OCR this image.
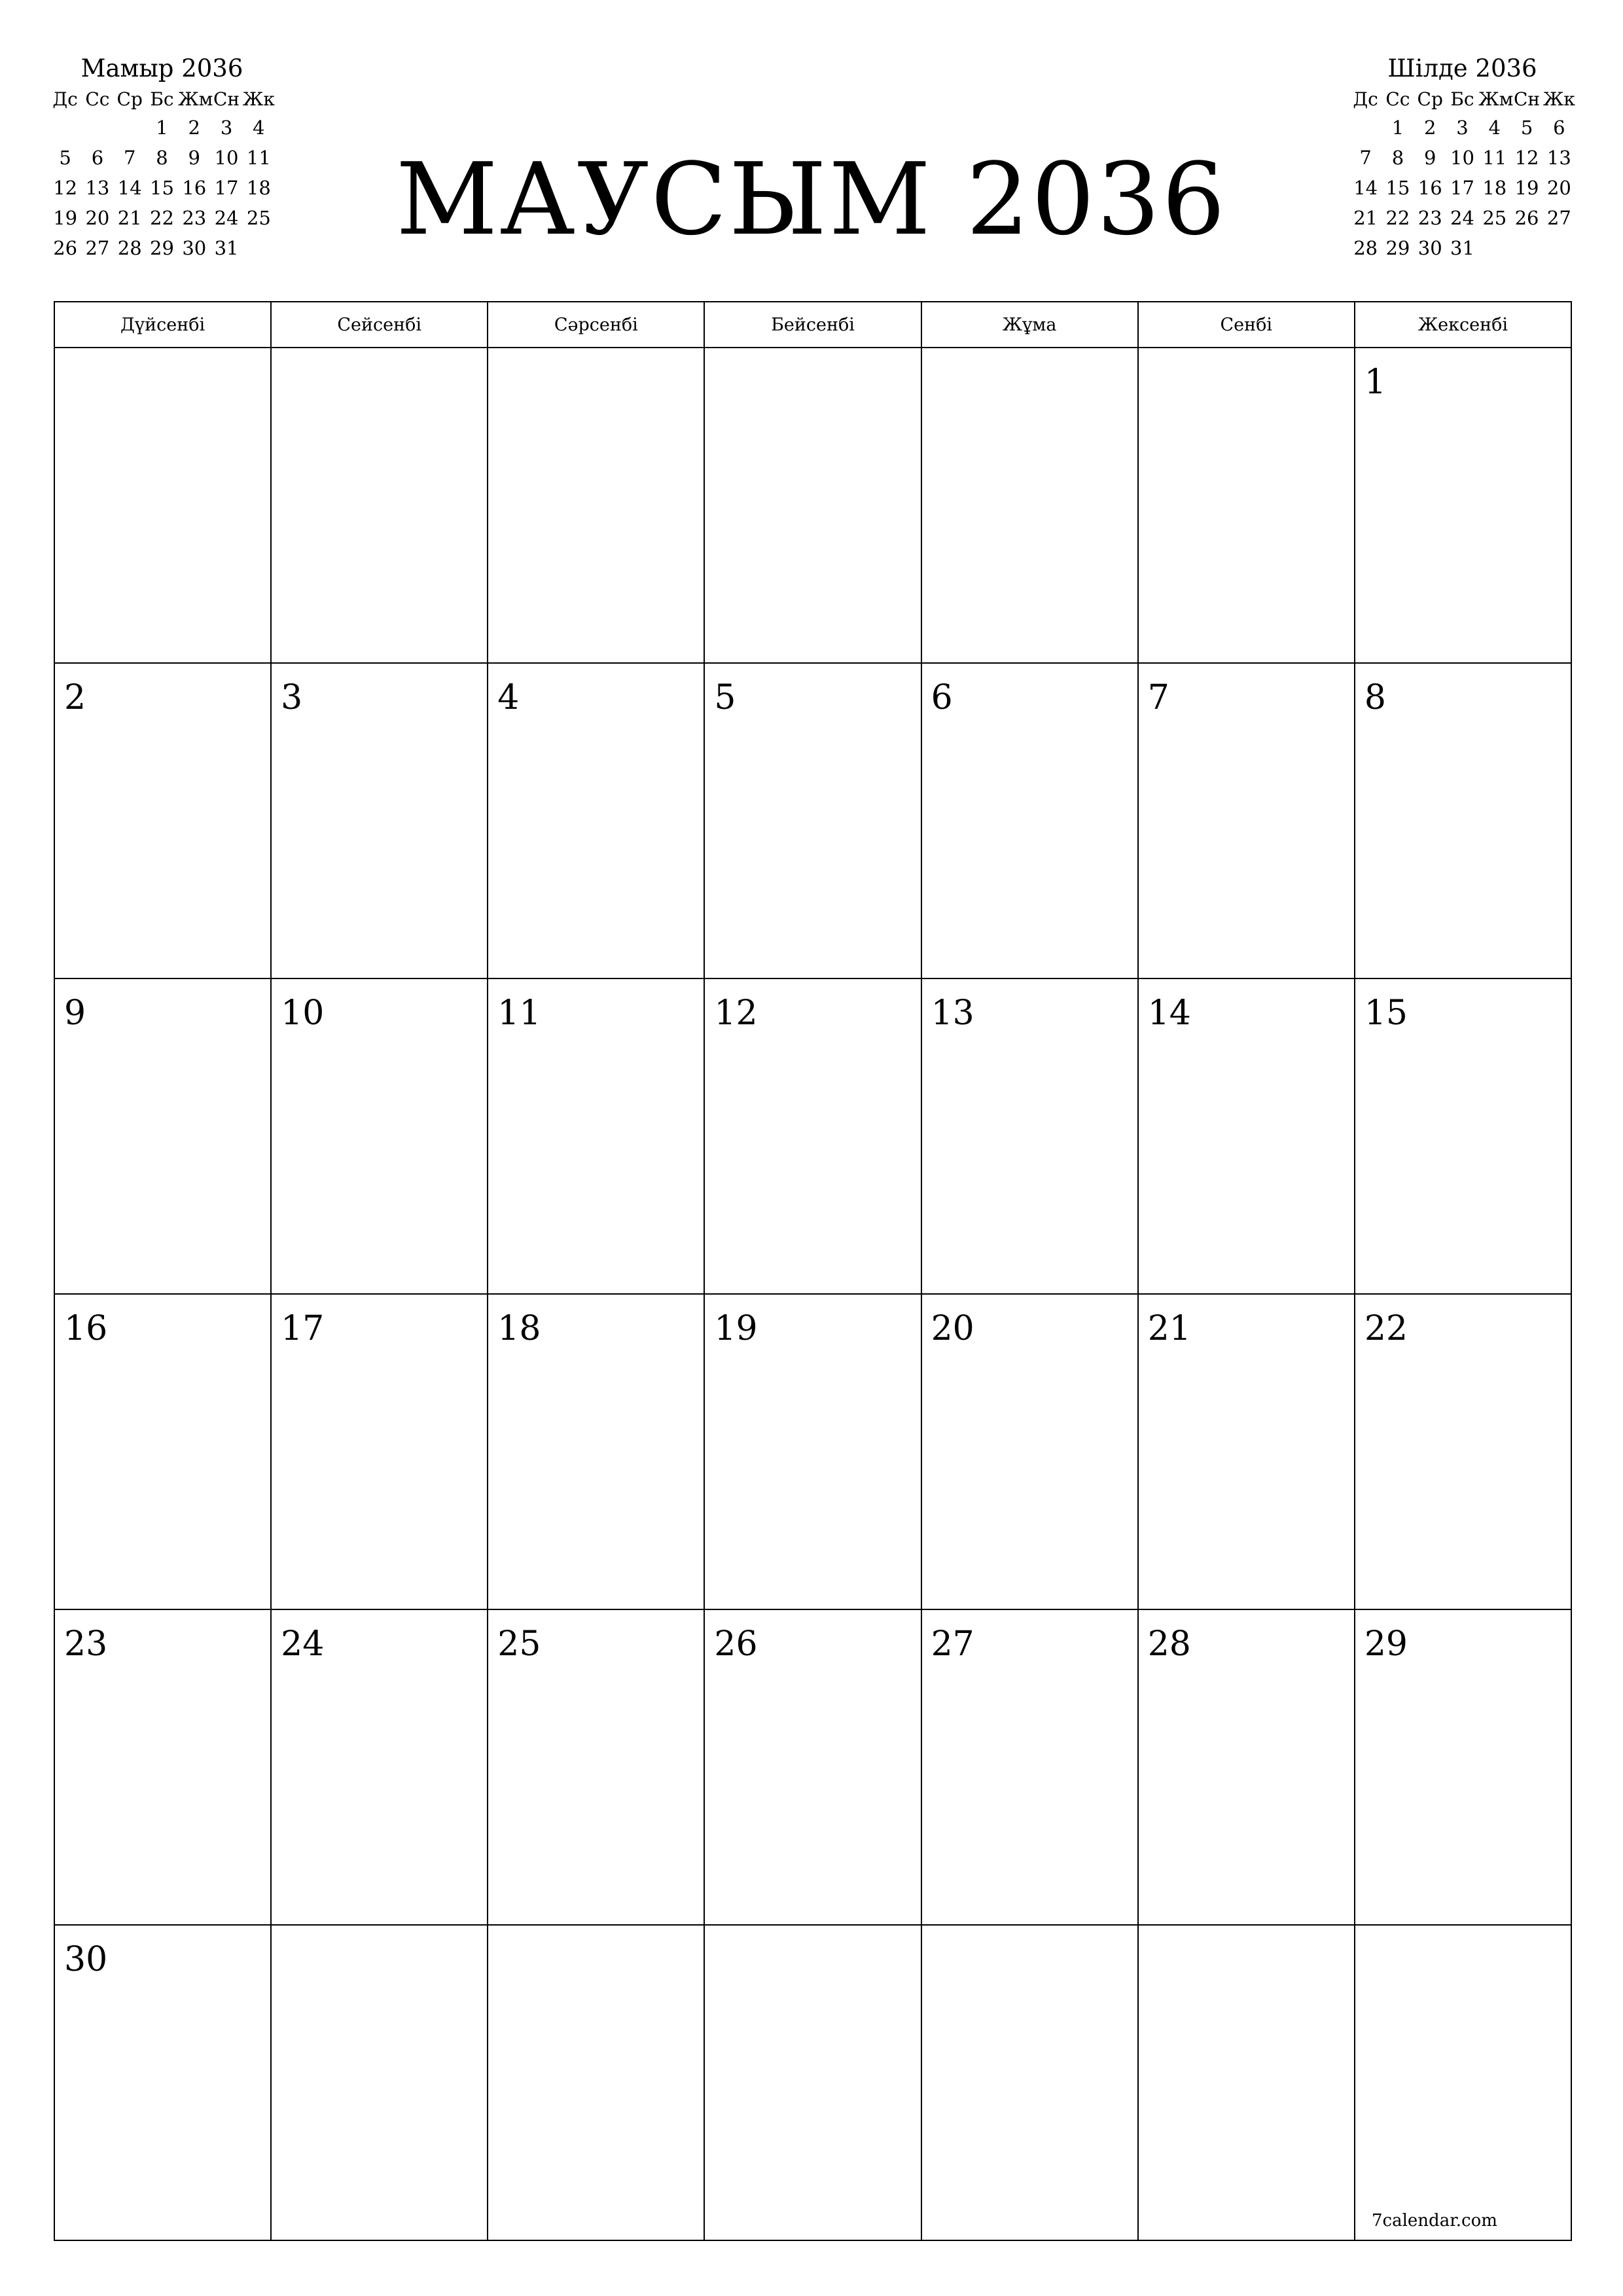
Мамыр 2036
Дс	Сс	Ср	Бс	Жм	Сн	Жк
			1	2	3	4
5	6	7	8	9	10	11
12	13	14	15	16	17	18
19	20	21	22	23	24	25
26	27	28	29	30	31		МАУСЫМ 2036
Шілде 2036
Дс	Сс	Ср	Бс	Жм	Сн	Жк
	1	2	3	4	5	6
7	8	9	10	11	12	13
14	15	16	17	18	19	20
21	22	23	24	25	26	27
28	29	30	31			
Дүйсенбі	Сейсенбі	Сәрсенбі	Бейсенбі	Жұма	Сенбі	Жексенбі

						1

2	3	4	5	6	7	8

9	10	11	12	13	14	15

16	17	18	19	20	21	22

23	24	25	26	27	28	29

30						

7calendar.com
